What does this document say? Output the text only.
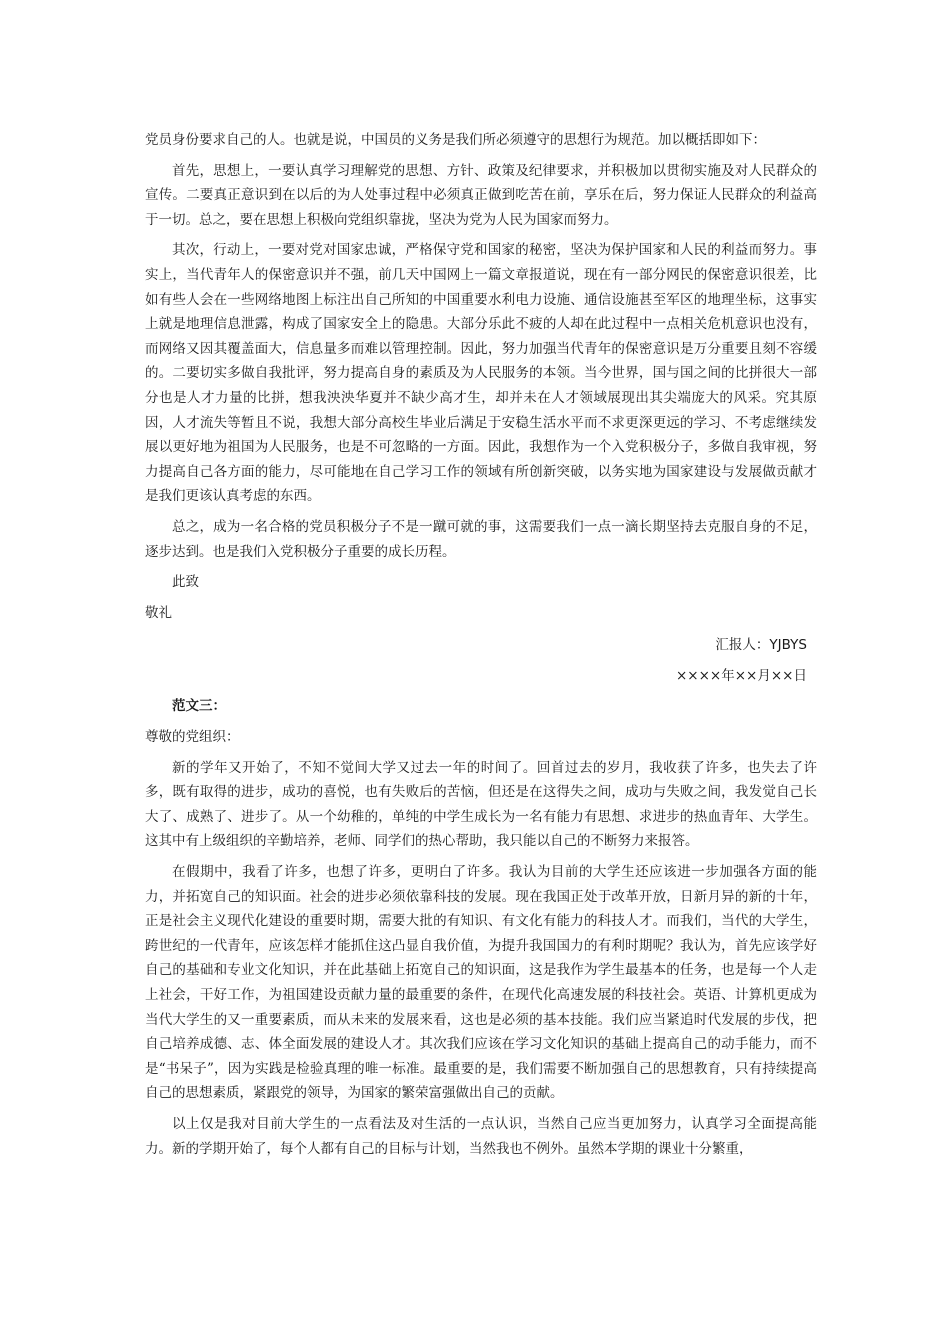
党员身份要求自己的人。也就是说，中国员的义务是我们所必须遵守的思想行为规范。加以概括即如下：

首先，思想上，一要认真学习理解党的思想、方针、政策及纪律要求，并积极加以贯彻实施及对人民群众的宣传。二要真正意识到在以后的为人处事过程中必须真正做到吃苦在前，享乐在后，努力保证人民群众的利益高于一切。总之，要在思想上积极向党组织靠拢，坚决为党为人民为国家而努力。

其次，行动上，一要对党对国家忠诚，严格保守党和国家的秘密，坚决为保护国家和人民的利益而努力。事实上，当代青年人的保密意识并不强，前几天中国网上一篇文章报道说，现在有一部分网民的保密意识很差，比如有些人会在一些网络地图上标注出自己所知的中国重要水利电力设施、通信设施甚至军区的地理坐标，这事实上就是地理信息泄露，构成了国家安全上的隐患。大部分乐此不疲的人却在此过程中一点相关危机意识也没有，而网络又因其覆盖面大，信息量多而难以管理控制。因此，努力加强当代青年的保密意识是万分重要且刻不容缓的。二要切实多做自我批评，努力提高自身的素质及为人民服务的本领。当今世界，国与国之间的比拼很大一部分也是人才力量的比拼，想我泱泱华夏并不缺少高才生，却并未在人才领域展现出其尖端庞大的风采。究其原因，人才流失等暂且不说，我想大部分高校生毕业后满足于安稳生活水平而不求更深更远的学习、不考虑继续发展以更好地为祖国为人民服务，也是不可忽略的一方面。因此，我想作为一个入党积极分子，多做自我审视，努力提高自己各方面的能力，尽可能地在自己学习工作的领域有所创新突破，以务实地为国家建设与发展做贡献才是我们更该认真考虑的东西。

总之，成为一名合格的党员积极分子不是一蹴可就的事，这需要我们一点一滴长期坚持去克服自身的不足，逐步达到。也是我们入党积极分子重要的成长历程。

此致

敬礼

汇报人：YJBYS

××××年××月××日

范文三：

尊敬的党组织：

新的学年又开始了，不知不觉间大学又过去一年的时间了。回首过去的岁月，我收获了许多，也失去了许多，既有取得的进步，成功的喜悦，也有失败后的苦恼，但还是在这得失之间，成功与失败之间，我发觉自己长大了、成熟了、进步了。从一个幼稚的，单纯的中学生成长为一名有能力有思想、求进步的热血青年、大学生。这其中有上级组织的辛勤培养，老师、同学们的热心帮助，我只能以自己的不断努力来报答。

在假期中，我看了许多，也想了许多，更明白了许多。我认为目前的大学生还应该进一步加强各方面的能力，并拓宽自己的知识面。社会的进步必须依靠科技的发展。现在我国正处于改革开放，日新月异的新的十年，正是社会主义现代化建设的重要时期，需要大批的有知识、有文化有能力的科技人才。而我们，当代的大学生，跨世纪的一代青年，应该怎样才能抓住这凸显自我价值，为提升我国国力的有利时期呢？我认为，首先应该学好自己的基础和专业文化知识，并在此基础上拓宽自己的知识面，这是我作为学生最基本的任务，也是每一个人走上社会，干好工作，为祖国建设贡献力量的最重要的条件，在现代化高速发展的科技社会。英语、计算机更成为当代大学生的又一重要素质，而从未来的发展来看，这也是必须的基本技能。我们应当紧追时代发展的步伐，把自己培养成德、志、体全面发展的建设人才。其次我们应该在学习文化知识的基础上提高自己的动手能力，而不是“书呆子”，因为实践是检验真理的唯一标准。最重要的是，我们需要不断加强自己的思想教育，只有持续提高自己的思想素质，紧跟党的领导，为国家的繁荣富强做出自己的贡献。

以上仅是我对目前大学生的一点看法及对生活的一点认识，当然自己应当更加努力，认真学习全面提高能力。新的学期开始了，每个人都有自己的目标与计划，当然我也不例外。虽然本学期的课业十分繁重，
